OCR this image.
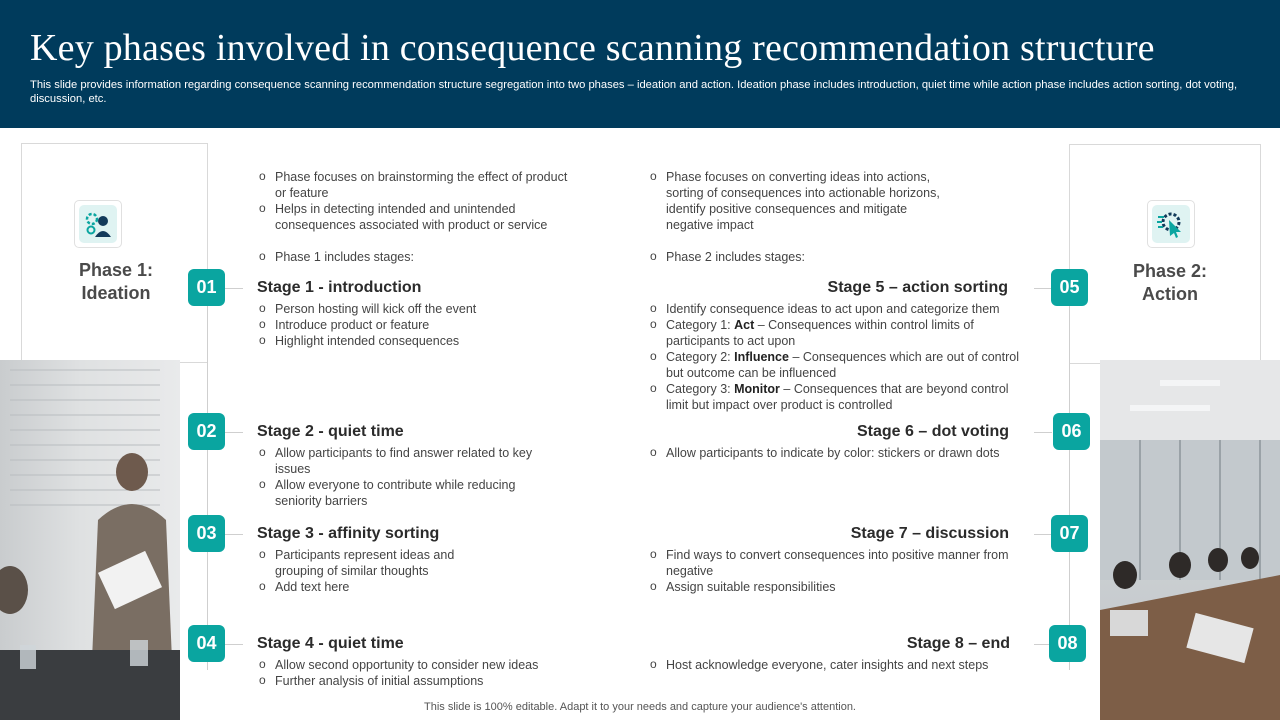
Key phases involved in consequence scanning recommendation structure

This slide provides information regarding consequence scanning recommendation structure segregation into two phases – ideation and action. Ideation phase includes introduction, quiet time while action phase includes action sorting, dot voting, discussion, etc.

Phase 1:
Ideation
Phase 2:
Action
01
02
03
04
05
06
07
08
o Phase focuses on brainstorming the effect of product or feature
o Helps in detecting intended and unintended consequences associated with product or service
o Phase 1 includes stages:
o Phase focuses on converting ideas into actions, sorting of consequences into actionable horizons, identify positive consequences and mitigate negative impact
o Phase 2 includes stages:
Stage 1 - introduction
o Person hosting will kick off the event
o Introduce product or feature
o Highlight intended consequences
Stage 2 - quiet time
o Allow participants to find answer related to key issues
o Allow everyone to contribute while reducing seniority barriers
Stage 3 - affinity sorting
o Participants represent ideas and grouping of similar thoughts
o Add text here
Stage 4 - quiet time
o Allow second opportunity to consider new ideas
o Further analysis of initial assumptions
Stage 5 – action sorting
o Identify consequence ideas to act upon and categorize them
o Category 1: Act – Consequences within control limits of participants to act upon
o Category 2: Influence – Consequences which are out of control but outcome can be influenced
o Category 3: Monitor – Consequences that are beyond control limit but impact over product is controlled
Stage 6 – dot voting
o Allow participants to indicate by color: stickers or drawn dots
Stage 7 – discussion
o Find ways to convert consequences into positive manner from negative
o Assign suitable responsibilities
Stage 8 – end
o Host acknowledge everyone, cater insights and next steps
This slide is 100% editable. Adapt it to your needs and capture your audience's attention.
